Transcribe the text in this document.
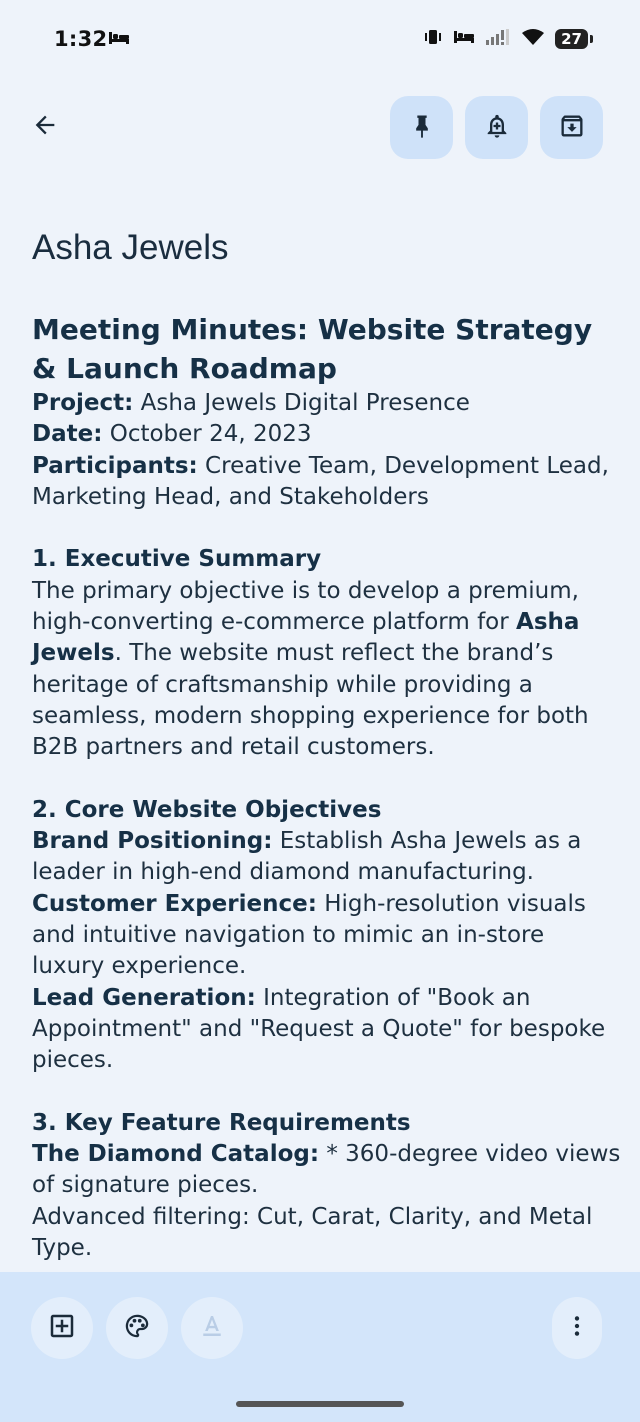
1:32	27
Asha Jewels

Meeting Minutes: Website Strategy & Launch Roadmap

Project: Asha Jewels Digital Presence

Date: October 24, 2023

Participants: Creative Team, Development Lead, Marketing Head, and Stakeholders

1. Executive Summary

The primary objective is to develop a premium, high-converting e-commerce platform for Asha Jewels. The website must reflect the brand’s heritage of craftsmanship while providing a seamless, modern shopping experience for both B2B partners and retail customers.

2. Core Website Objectives

Brand Positioning: Establish Asha Jewels as a leader in high-end diamond manufacturing.

Customer Experience: High-resolution visuals and intuitive navigation to mimic an in-store luxury experience.

Lead Generation: Integration of "Book an Appointment" and "Request a Quote" for bespoke pieces.

3. Key Feature Requirements

The Diamond Catalog: * 360-degree video views of signature pieces.

Advanced filtering: Cut, Carat, Clarity, and Metal Type.
